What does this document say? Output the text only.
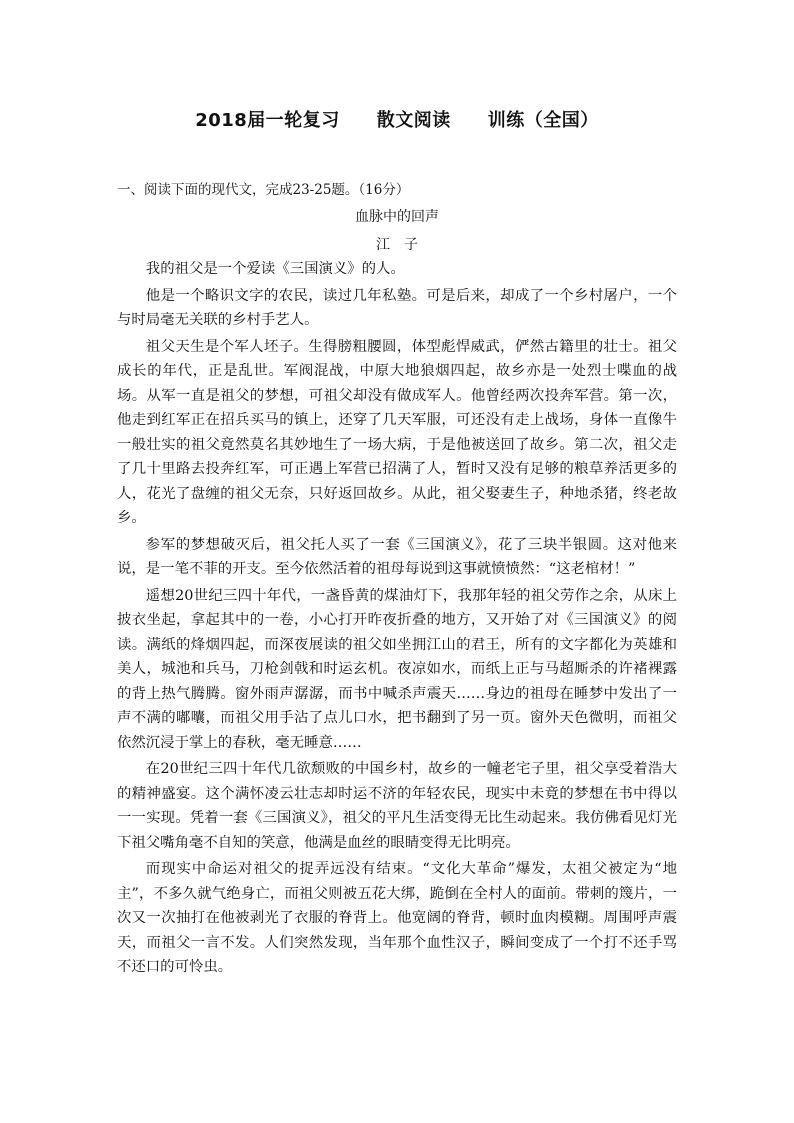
2018届一轮复习　　散文阅读　　训练（全国）
一、阅读下面的现代文，完成23-25题。（16分）
血脉中的回声
江　子

我的祖父是一个爱读《三国演义》的人。

他是一个略识文字的农民，读过几年私塾。可是后来，却成了一个乡村屠户，一个与时局毫无关联的乡村手艺人。

祖父天生是个军人坯子。生得膀粗腰圆，体型彪悍威武，俨然古籍里的壮士。祖父成长的年代，正是乱世。军阀混战，中原大地狼烟四起，故乡亦是一处烈士喋血的战场。从军一直是祖父的梦想，可祖父却没有做成军人。他曾经两次投奔军营。第一次，他走到红军正在招兵买马的镇上，还穿了几天军服，可还没有走上战场，身体一直像牛一般壮实的祖父竟然莫名其妙地生了一场大病，于是他被送回了故乡。第二次，祖父走了几十里路去投奔红军，可正遇上军营已招满了人，暂时又没有足够的粮草养活更多的人，花光了盘缠的祖父无奈，只好返回故乡。从此，祖父娶妻生子，种地杀猪，终老故乡。

参军的梦想破灭后，祖父托人买了一套《三国演义》，花了三块半银圆。这对他来说，是一笔不菲的开支。至今依然活着的祖母每说到这事就愤愤然：“这老棺材！”

遥想20世纪三四十年代，一盏昏黄的煤油灯下，我那年轻的祖父劳作之余，从床上披衣坐起，拿起其中的一卷，小心打开昨夜折叠的地方，又开始了对《三国演义》的阅读。满纸的烽烟四起，而深夜展读的祖父如坐拥江山的君王，所有的文字都化为英雄和美人，城池和兵马，刀枪剑戟和时运玄机。夜凉如水，而纸上正与马超厮杀的许褚裸露的背上热气腾腾。窗外雨声潺潺，而书中喊杀声震天……身边的祖母在睡梦中发出了一声不满的嘟囔，而祖父用手沾了点儿口水，把书翻到了另一页。窗外天色微明，而祖父依然沉浸于掌上的春秋，毫无睡意……

在20世纪三四十年代几欲颓败的中国乡村，故乡的一幢老宅子里，祖父享受着浩大的精神盛宴。这个满怀凌云壮志却时运不济的年轻农民，现实中未竟的梦想在书中得以一一实现。凭着一套《三国演义》，祖父的平凡生活变得无比生动起来。我仿佛看见灯光下祖父嘴角毫不自知的笑意，他满是血丝的眼睛变得无比明亮。

而现实中命运对祖父的捉弄远没有结束。“文化大革命”爆发，太祖父被定为“地主”，不多久就气绝身亡，而祖父则被五花大绑，跪倒在全村人的面前。带刺的篾片，一次又一次抽打在他被剥光了衣服的脊背上。他宽阔的脊背，顿时血肉模糊。周围呼声震天，而祖父一言不发。人们突然发现，当年那个血性汉子，瞬间变成了一个打不还手骂不还口的可怜虫。
